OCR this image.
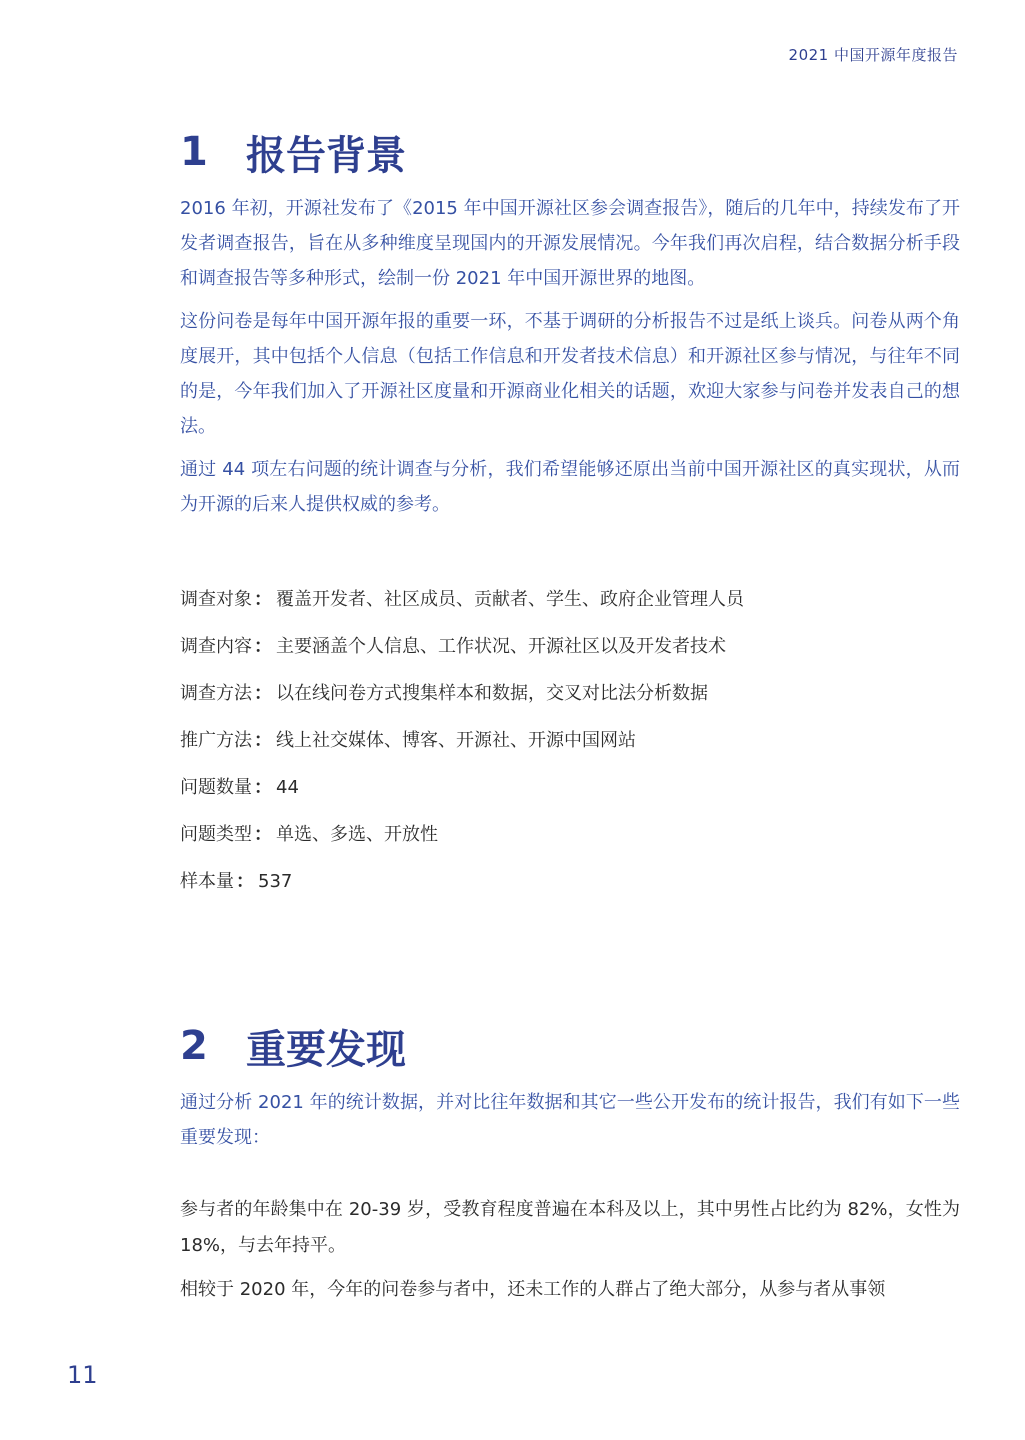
2021 中国开源年度报告
1 报告背景

2016 年初，开源社发布了《2015 年中国开源社区参会调查报告》，随后的几年中，持续发布了开发者调查报告，旨在从多种维度呈现国内的开源发展情况。今年我们再次启程，结合数据分析手段和调查报告等多种形式，绘制一份 2021 年中国开源世界的地图。

这份问卷是每年中国开源年报的重要一环，不基于调研的分析报告不过是纸上谈兵。问卷从两个角度展开，其中包括个人信息（包括工作信息和开发者技术信息）和开源社区参与情况，与往年不同的是，今年我们加入了开源社区度量和开源商业化相关的话题，欢迎大家参与问卷并发表自己的想法。

通过 44 项左右问题的统计调查与分析，我们希望能够还原出当前中国开源社区的真实现状，从而为开源的后来人提供权威的参考。

调查对象 ： 覆盖开发者、社区成员、贡献者、学生、政府企业管理人员
调查内容 ： 主要涵盖个人信息、工作状况、开源社区以及开发者技术
调查方法 ： 以在线问卷方式搜集样本和数据，交叉对比法分析数据
推广方法 ： 线上社交媒体、博客、开源社、开源中国网站
问题数量 ： 44
问题类型 ： 单选、多选、开放性
样本量 ： 537
2 重要发现

通过分析 2021 年的统计数据，并对比往年数据和其它一些公开发布的统计报告，我们有如下一些重要发现：

参与者的年龄集中在 20-39 岁，受教育程度普遍在本科及以上，其中男性占比约为 82%，女性为 18%，与去年持平。

相较于 2020 年，今年的问卷参与者中，还未工作的人群占了绝大部分，从参与者从事领

11
